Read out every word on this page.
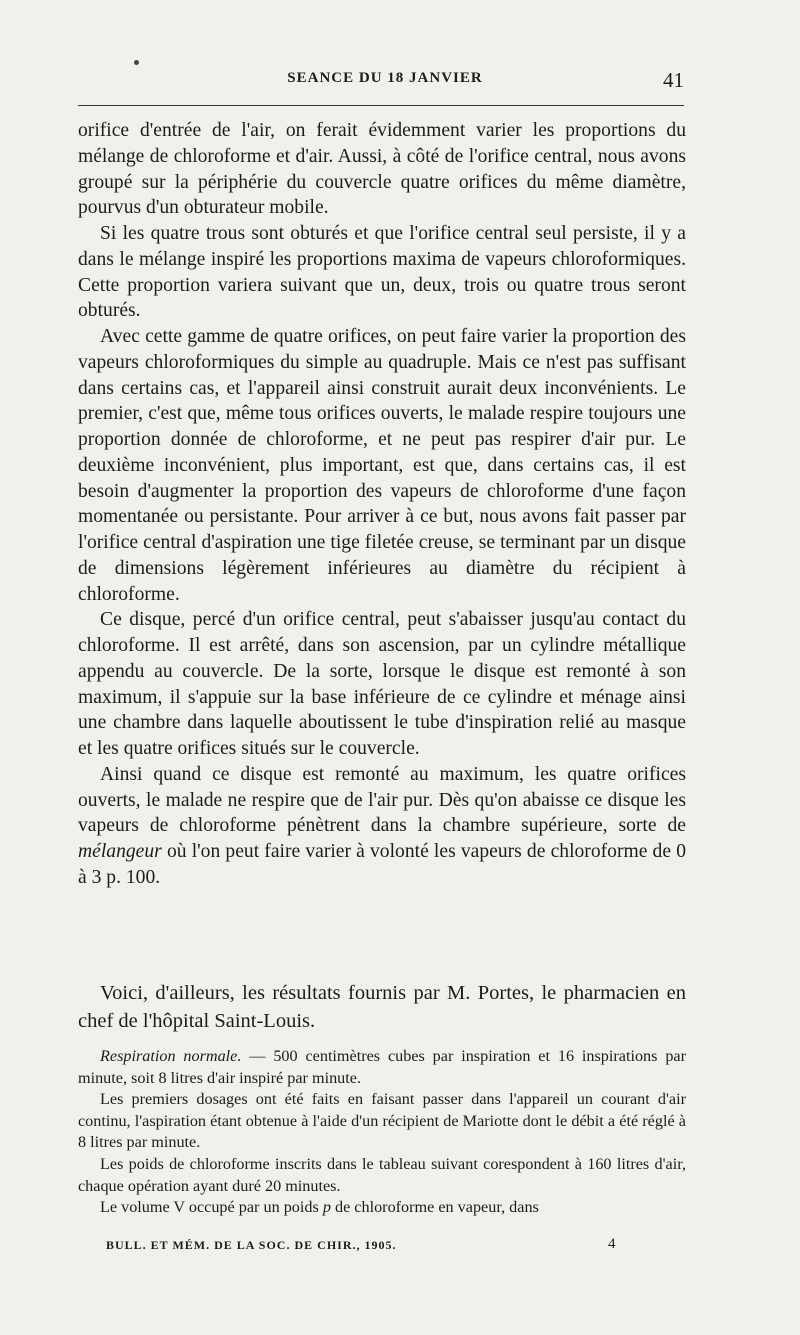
SEANCE DU 18 JANVIER	41

orifice d'entrée de l'air, on ferait évidemment varier les proportions du mélange de chloroforme et d'air. Aussi, à côté de l'orifice central, nous avons groupé sur la périphérie du couvercle quatre orifices du même diamètre, pourvus d'un obturateur mobile.

Si les quatre trous sont obturés et que l'orifice central seul persiste, il y a dans le mélange inspiré les proportions maxima de vapeurs chloroformiques. Cette proportion variera suivant que un, deux, trois ou quatre trous seront obturés.

Avec cette gamme de quatre orifices, on peut faire varier la proportion des vapeurs chloroformiques du simple au quadruple. Mais ce n'est pas suffisant dans certains cas, et l'appareil ainsi construit aurait deux inconvénients. Le premier, c'est que, même tous orifices ouverts, le malade respire toujours une proportion donnée de chloroforme, et ne peut pas respirer d'air pur. Le deuxième inconvénient, plus important, est que, dans certains cas, il est besoin d'augmenter la proportion des vapeurs de chloroforme d'une façon momentanée ou persistante. Pour arriver à ce but, nous avons fait passer par l'orifice central d'aspiration une tige filetée creuse, se terminant par un disque de dimensions légèrement inférieures au diamètre du récipient à chloroforme.

Ce disque, percé d'un orifice central, peut s'abaisser jusqu'au contact du chloroforme. Il est arrêté, dans son ascension, par un cylindre métallique appendu au couvercle. De la sorte, lorsque le disque est remonté à son maximum, il s'appuie sur la base inférieure de ce cylindre et ménage ainsi une chambre dans laquelle aboutissent le tube d'inspiration relié au masque et les quatre orifices situés sur le couvercle.

Ainsi quand ce disque est remonté au maximum, les quatre orifices ouverts, le malade ne respire que de l'air pur. Dès qu'on abaisse ce disque les vapeurs de chloroforme pénètrent dans la chambre supérieure, sorte de mélangeur où l'on peut faire varier à volonté les vapeurs de chloroforme de 0 à 3 p. 100.

Voici, d'ailleurs, les résultats fournis par M. Portes, le pharmacien en chef de l'hôpital Saint-Louis.

Respiration normale. — 500 centimètres cubes par inspiration et 16 inspirations par minute, soit 8 litres d'air inspiré par minute.

Les premiers dosages ont été faits en faisant passer dans l'appareil un courant d'air continu, l'aspiration étant obtenue à l'aide d'un récipient de Mariotte dont le débit a été réglé à 8 litres par minute.

Les poids de chloroforme inscrits dans le tableau suivant corespondent à 160 litres d'air, chaque opération ayant duré 20 minutes.

Le volume V occupé par un poids p de chloroforme en vapeur, dans

BULL. ET MÉM. DE LA SOC. DE CHIR., 1905.	4
